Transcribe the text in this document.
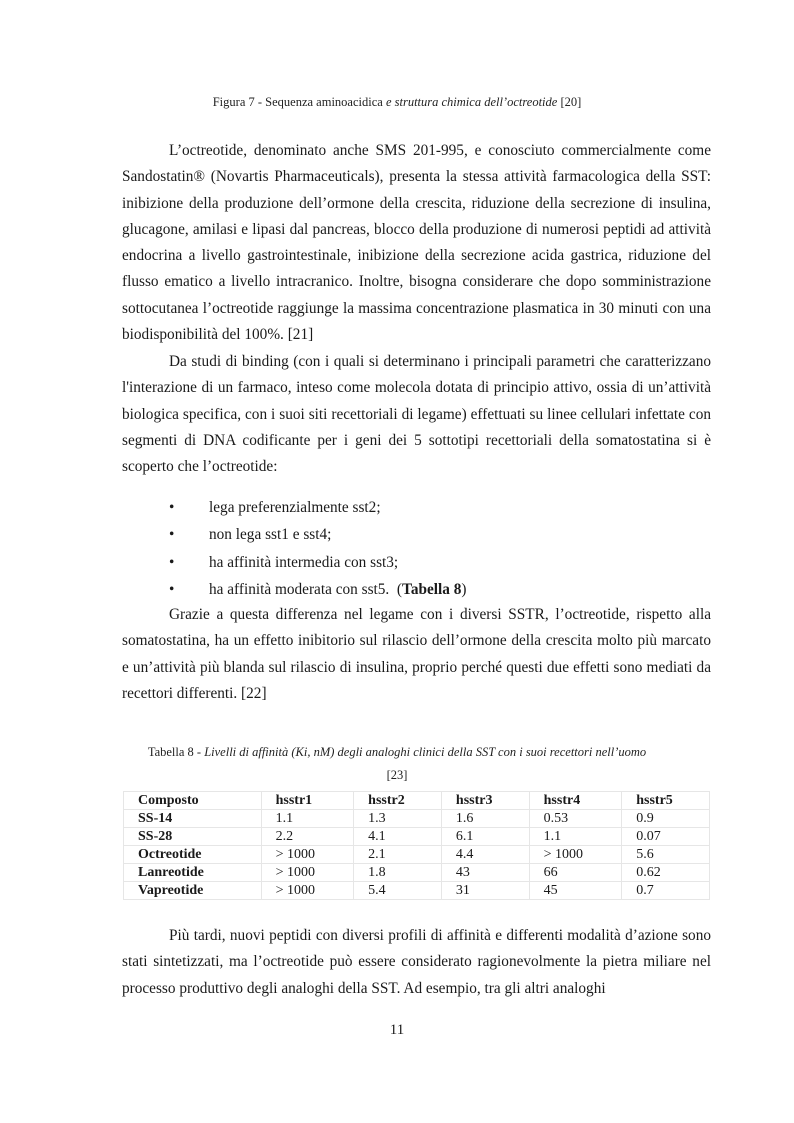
Figura 7 - Sequenza aminoacidica e struttura chimica dell’octreotide [20]

L’octreotide, denominato anche SMS 201-995, e conosciuto commercialmente come Sandostatin® (Novartis Pharmaceuticals), presenta la stessa attività farmacologica della SST: inibizione della produzione dell’ormone della crescita, riduzione della secrezione di insulina, glucagone, amilasi e lipasi dal pancreas, blocco della produzione di numerosi peptidi ad attività endocrina a livello gastrointestinale, inibizione della secrezione acida gastrica, riduzione del flusso ematico a livello intracranico. Inoltre, bisogna considerare che dopo somministrazione sottocutanea l’octreotide raggiunge la massima concentrazione plasmatica in 30 minuti con una biodisponibilità del 100%. [21]

Da studi di binding (con i quali si determinano i principali parametri che caratterizzano l'interazione di un farmaco, inteso come molecola dotata di principio attivo, ossia di un’attività biologica specifica, con i suoi siti recettoriali di legame) effettuati su linee cellulari infettate con segmenti di DNA codificante per i geni dei 5 sottotipi recettoriali della somatostatina si è scoperto che l’octreotide:

• lega preferenzialmente sst2;
• non lega sst1 e sst4;
• ha affinità intermedia con sst3;
• ha affinità moderata con sst5. (Tabella 8)

Grazie a questa differenza nel legame con i diversi SSTR, l’octreotide, rispetto alla somatostatina, ha un effetto inibitorio sul rilascio dell’ormone della crescita molto più marcato e un’attività più blanda sul rilascio di insulina, proprio perché questi due effetti sono mediati da recettori differenti. [22]

Tabella 8 - Livelli di affinità (Ki, nM) degli analoghi clinici della SST con i suoi recettori nell’uomo
[23]
Composto	hsstr1	hsstr2	hsstr3	hsstr4	hsstr5
SS-14	1.1	1.3	1.6	0.53	0.9
SS-28	2.2	4.1	6.1	1.1	0.07
Octreotide	> 1000	2.1	4.4	> 1000	5.6
Lanreotide	> 1000	1.8	43	66	0.62
Vapreotide	> 1000	5.4	31	45	0.7

Più tardi, nuovi peptidi con diversi profili di affinità e differenti modalità d’azione sono stati sintetizzati, ma l’octreotide può essere considerato ragionevolmente la pietra miliare nel processo produttivo degli analoghi della SST. Ad esempio, tra gli altri analoghi

11
